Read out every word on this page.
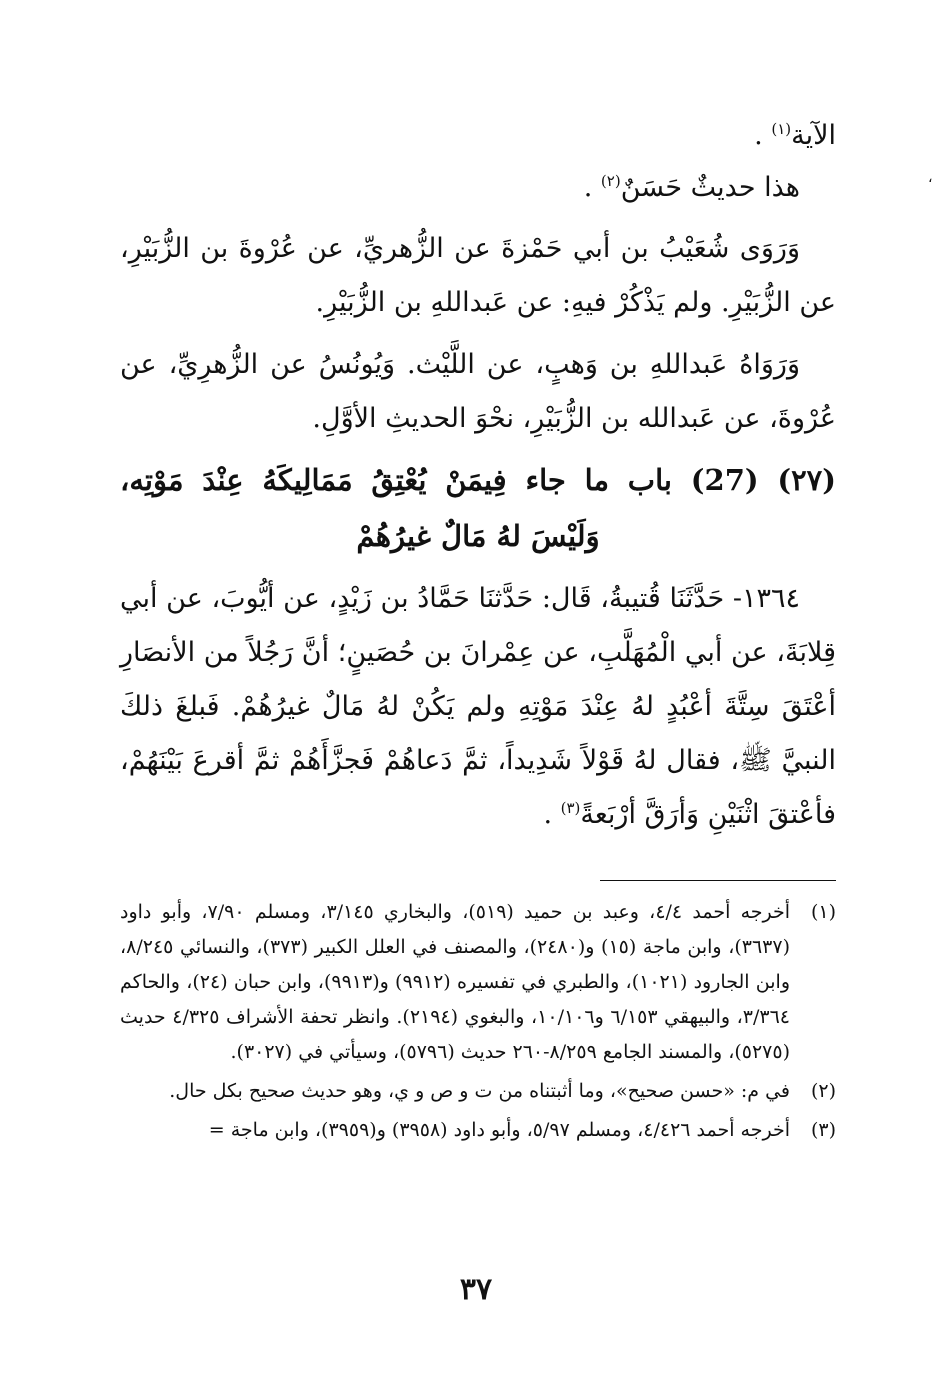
الآية$^{(١)}$ .

هذا حديثٌ حَسَنٌ$^{(٢)}$ .

وَرَوَى شُعَيْبُ بن أبي حَمْزةَ عن الزُّهريِّ، عن عُرْوةَ بن الزُّبَيْرِ، عن الزُّبَيْرِ. ولم يَذْكُرْ فيهِ: عن عَبداللهِ بن الزُّبَيْرِ.

وَرَوَاهُ عَبداللهِ بن وَهبٍ، عن اللَّيْث. وَيُونُسُ عن الزُّهرِيِّ، عن عُرْوةَ، عن عَبدالله بن الزُّبَيْرِ، نحْوَ الحديثِ الأوَّلِ.

(٢٧) (27) باب ما جاء فِيمَنْ يُعْتِقُ مَمَالِيكَهُ عِنْدَ مَوْتِه، وَلَيْسَ لهُ مَالٌ غيرُهُمْ

١٣٦٤- حَدَّثَنَا قُتيبةُ، قَال: حَدَّثنَا حَمَّادُ بن زَيْدٍ، عن أيُّوبَ، عن أبي قِلابَةَ، عن أبي الْمُهَلَّبِ، عن عِمْرانَ بن حُصَينٍ؛ أنَّ رَجُلاً من الأنصَارِ أعْتَقَ سِتَّةَ أعْبُدٍ لهُ عِنْدَ مَوْتِهِ ولم يَكُنْ لهُ مَالٌ غيرُهُمْ. فَبلغَ ذلكَ النبيَّ ﷺ، فقال لهُ قَوْلاً شَدِيداً، ثمَّ دَعاهُمْ فَجزَّأَهُمْ ثمَّ أقرعَ بَيْنَهُمْ، فأعْتقَ اثْنَيْنِ وَأرَقَّ أرْبَعةً$^{(٣)}$ .

(١)
أخرجه أحمد ٤/٤، وعبد بن حميد (٥١٩)، والبخاري ٣/١٤٥، ومسلم ٧/٩٠، وأبو داود (٣٦٣٧)، وابن ماجة (١٥) و(٢٤٨٠)، والمصنف في العلل الكبير (٣٧٣)، والنسائي ٨/٢٤٥، وابن الجارود (١٠٢١)، والطبري في تفسيره (٩٩١٢) و(٩٩١٣)، وابن حبان (٢٤)، والحاكم ٣/٣٦٤، والبيهقي ٦/١٥٣ و١٠/١٠٦، والبغوي (٢١٩٤). وانظر تحفة الأشراف ٤/٣٢٥ حديث (٥٢٧٥)، والمسند الجامع ٨/٢٥٩-٢٦٠ حديث (٥٧٩٦)، وسيأتي في (٣٠٢٧).

(٢)
في م: «حسن صحيح»، وما أثبتناه من ت و ص و ي، وهو حديث صحيح بكل حال.

(٣)
أخرجه أحمد ٤/٤٢٦، ومسلم ٥/٩٧، وأبو داود (٣٩٥٨) و(٣٩٥٩)، وابن ماجة =

٣٧
،
